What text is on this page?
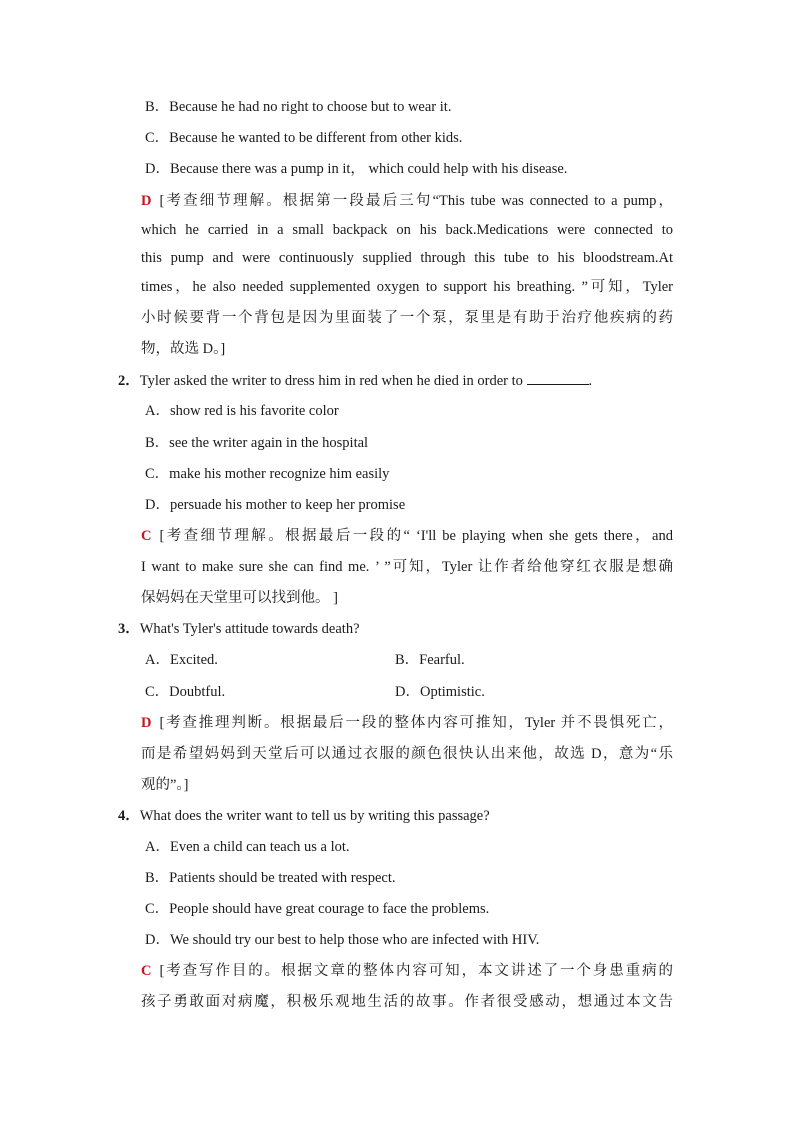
B．Because he had no right to choose but to wear it.
C．Because he wanted to be different from other kids.
D．Because there was a pump in it， which could help with his disease.
D [考查细节理解。根据第一段最后三句“This tube was connected to a pump，
which he carried in a small backpack on his back.Medications were connected to
this pump and were continuously supplied through this tube to his bloodstream.At
times，he also needed supplemented oxygen to support his breathing. ”可知，Tyler
小时候要背一个背包是因为里面装了一个泵，泵里是有助于治疗他疾病的药
物，故选 D。]
2．Tyler asked the writer to dress him in red when he died in order to	.
A．show red is his favorite color
B．see the writer again in the hospital
C．make his mother recognize him easily
D．persuade his mother to keep her promise
C [考查细节理解。根据最后一段的“ ‘I'll be playing when she gets there，and
I want to make sure she can find me. ’ ”可知，Tyler 让作者给他穿红衣服是想确
保妈妈在天堂里可以找到他。 ]
3．What's Tyler's attitude towards death?
A．Excited.	B．Fearful.
C．Doubtful.	D．Optimistic.
D [考查推理判断。根据最后一段的整体内容可推知，Tyler 并不畏惧死亡，
而是希望妈妈到天堂后可以通过衣服的颜色很快认出来他，故选 D，意为“乐
观的”。]
4．What does the writer want to tell us by writing this passage?
A．Even a child can teach us a lot.
B．Patients should be treated with respect.
C．People should have great courage to face the problems.
D．We should try our best to help those who are infected with HIV.
C [考查写作目的。根据文章的整体内容可知，本文讲述了一个身患重病的
孩子勇敢面对病魔，积极乐观地生活的故事。作者很受感动，想通过本文告
